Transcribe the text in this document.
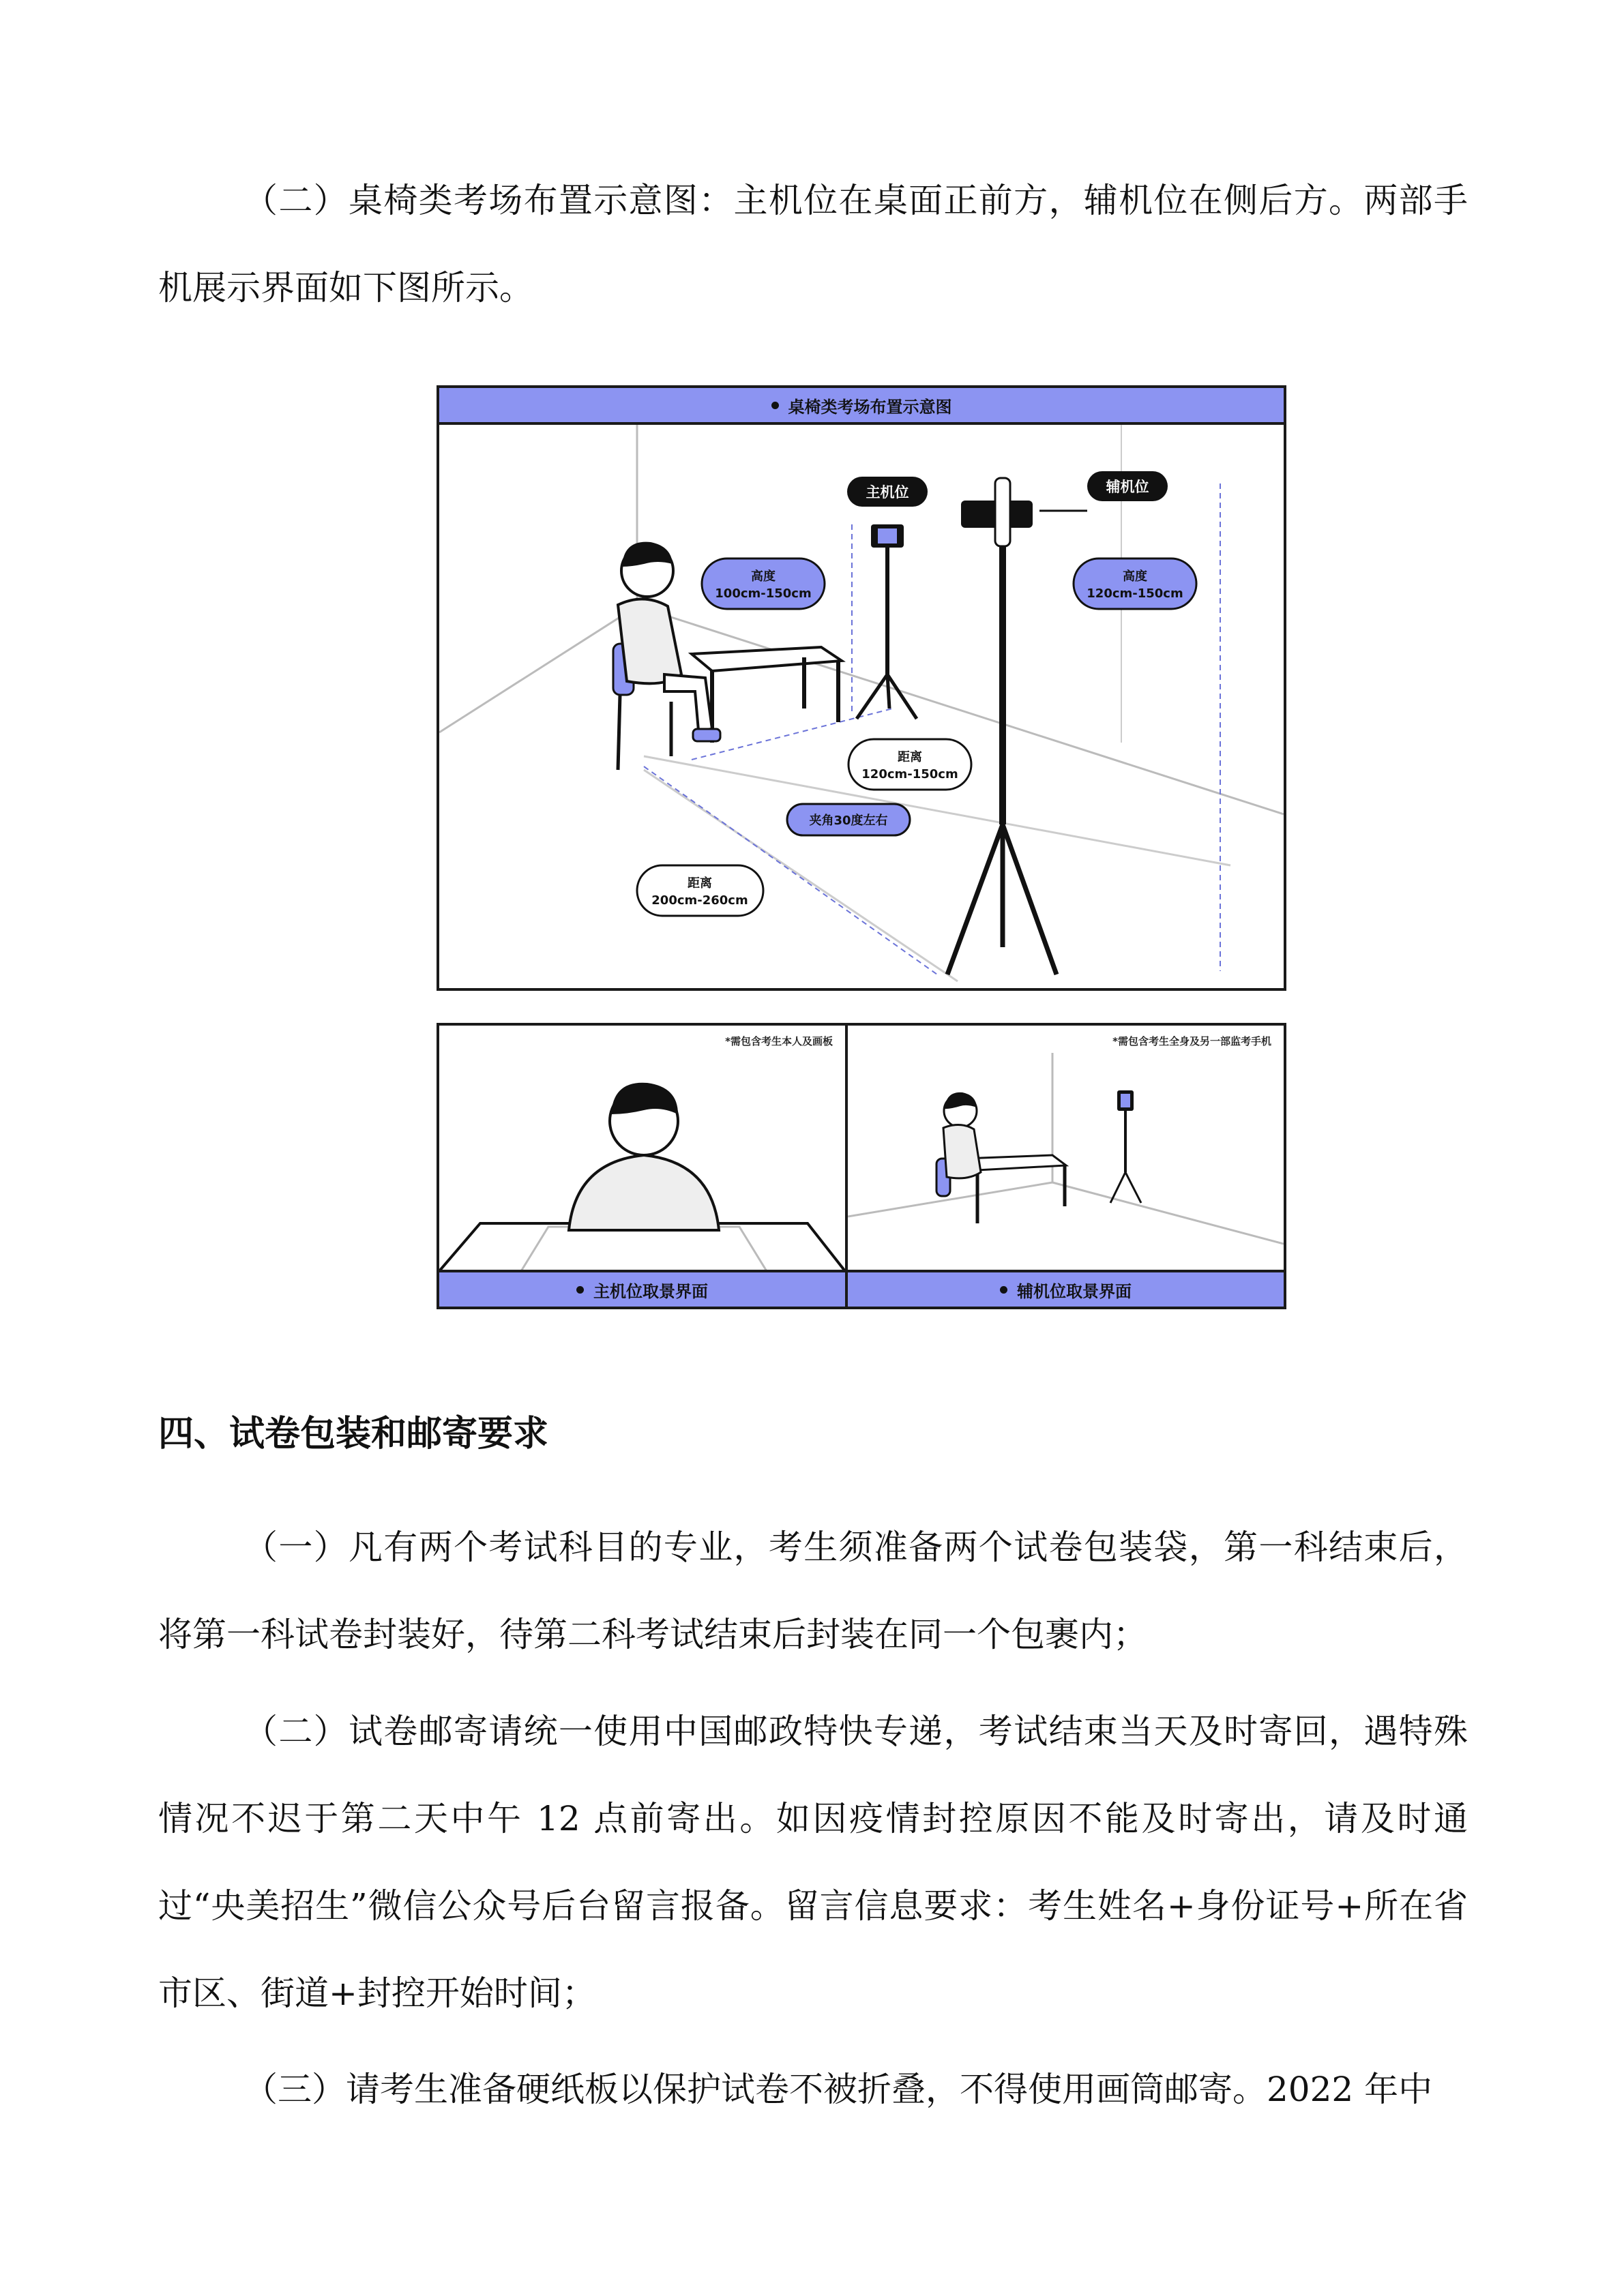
（二）桌椅类考场布置示意图：主机位在桌面正前方，辅机位在侧后方。两部手机展示界面如下图所示。

桌椅类考场布置示意图
主机位	辅机位
高度
100cm-150cm
高度
120cm-150cm
距离
120cm-150cm
夹角30度左右
距离
200cm-260cm
*需包含考生本人及画板
主机位取景界面
*需包含考生全身及另一部监考手机
辅机位取景界面
四、试卷包装和邮寄要求

（一）凡有两个考试科目的专业，考生须准备两个试卷包装袋，第一科结束后，将第一科试卷封装好，待第二科考试结束后封装在同一个包裹内；

（二）试卷邮寄请统一使用中国邮政特快专递，考试结束当天及时寄回，遇特殊情况不迟于第二天中午 12 点前寄出。如因疫情封控原因不能及时寄出，请及时通过“央美招生”微信公众号后台留言报备。留言信息要求：考生姓名+身份证号+所在省市区、街道+封控开始时间；

（三）请考生准备硬纸板以保护试卷不被折叠，不得使用画筒邮寄。2022 年中
